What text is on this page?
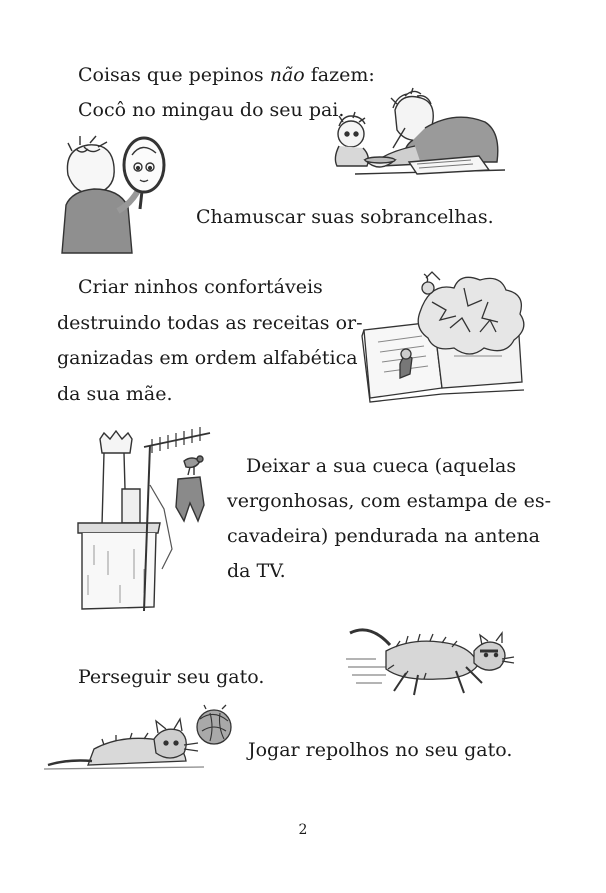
Coisas que pepinos não fazem:

Cocô no mingau do seu pai.

Chamuscar suas sobrancelhas.

Criar ninhos confortáveis

destruindo todas as receitas or-

ganizadas em ordem alfabética

da sua mãe.

Deixar a sua cueca (aquelas

vergonhosas, com estampa de es-

cavadeira) pendurada na antena

da TV.

Perseguir seu gato.

Jogar repolhos no seu gato.

2
